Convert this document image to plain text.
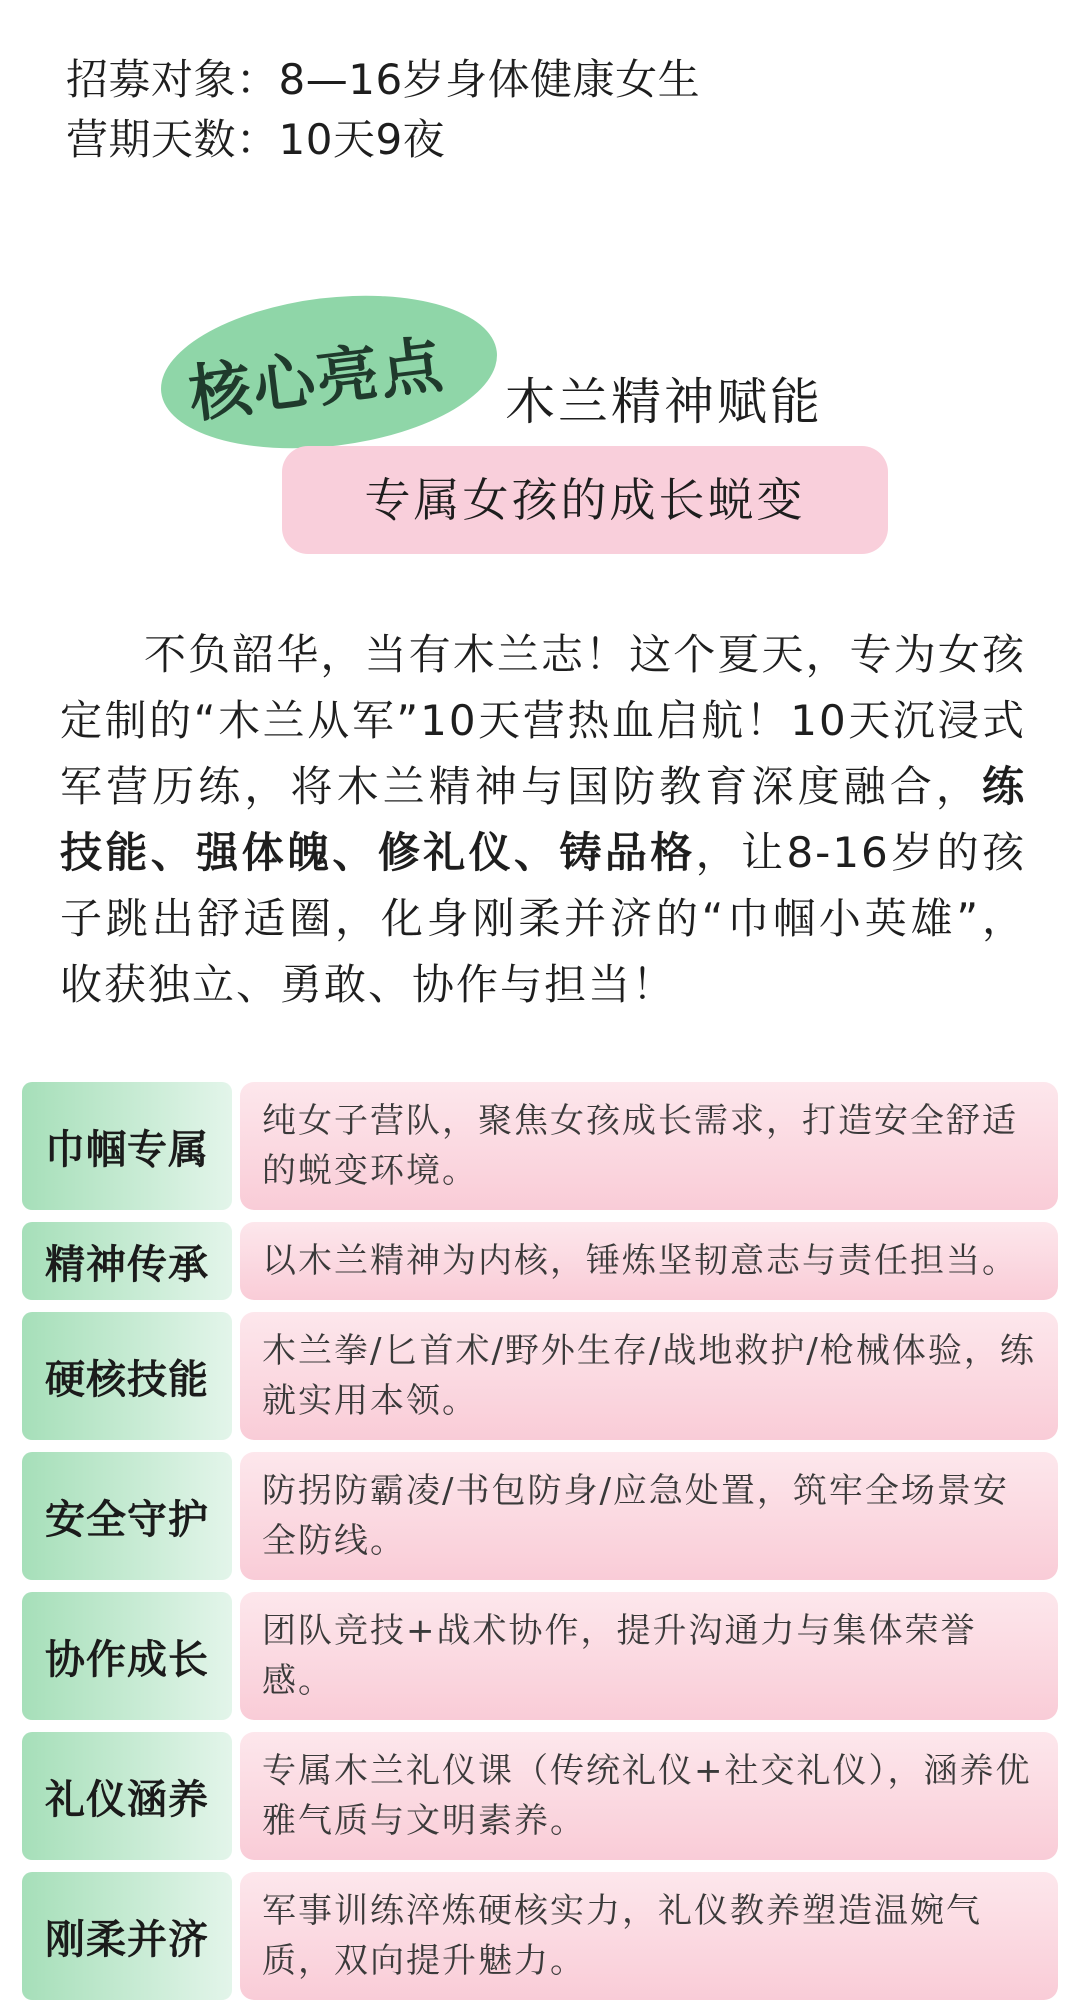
招募对象：8—16岁身体健康女生
营期天数：10天9夜
核心亮点 木兰精神赋能
专属女孩的成长蜕变
不负韶华，当有木兰志！这个夏天，专为女孩定制的“木兰从军”10天营热血启航！10天沉浸式军营历练，将木兰精神与国防教育深度融合，练技能、强体魄、修礼仪、铸品格，让8-16岁的孩子跳出舒适圈，化身刚柔并济的“巾帼小英雄”，收获独立、勇敢、协作与担当！
巾帼专属
纯女子营队，聚焦女孩成长需求，打造安全舒适的蜕变环境。
精神传承	以木兰精神为内核，锤炼坚韧意志与责任担当。
硬核技能
木兰拳/匕首术/野外生存/战地救护/枪械体验，练就实用本领。
安全守护
防拐防霸凌/书包防身/应急处置，筑牢全场景安全防线。
协作成长
团队竞技+战术协作，提升沟通力与集体荣誉感。
礼仪涵养
专属木兰礼仪课（传统礼仪+社交礼仪），涵养优雅气质与文明素养。
刚柔并济
军事训练淬炼硬核实力，礼仪教养塑造温婉气质，双向提升魅力。
